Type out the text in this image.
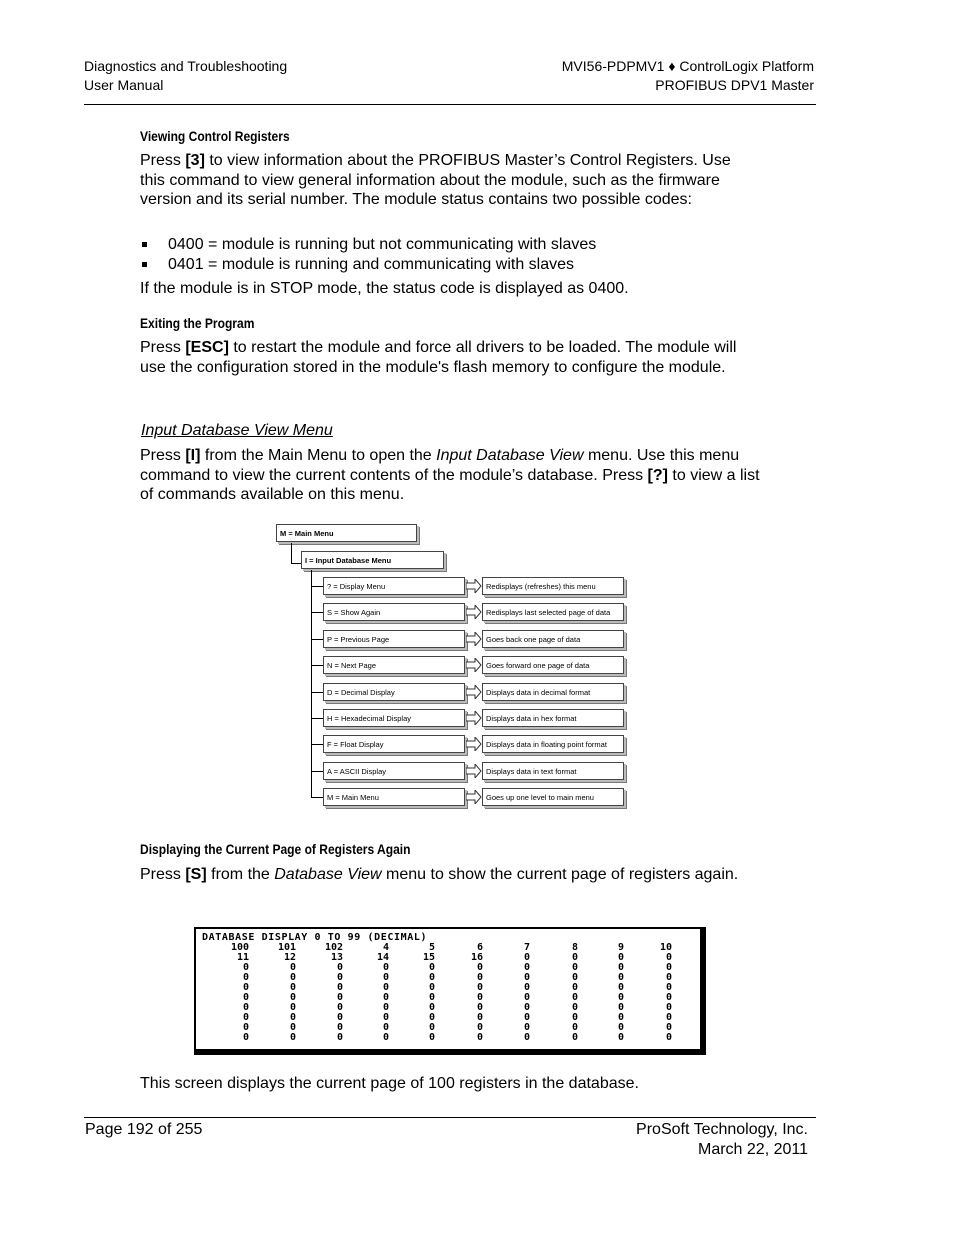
Diagnostics and Troubleshooting
User Manual
MVI56-PDPMV1 ♦ ControlLogix Platform
PROFIBUS DPV1 Master
Viewing Control Registers
Press [3] to view information about the PROFIBUS Master’s Control Registers. Use this command to view general information about the module, such as the firmware version and its serial number. The module status contains two possible codes:
0400 = module is running but not communicating with slaves
0401 = module is running and communicating with slaves
If the module is in STOP mode, the status code is displayed as 0400.
Exiting the Program
Press [ESC] to restart the module and force all drivers to be loaded. The module will use the configuration stored in the module's flash memory to configure the module.
Input Database View Menu
Press [I] from the Main Menu to open the Input Database View menu. Use this menu command to view the current contents of the module’s database. Press [?] to view a list of commands available on this menu.
M = Main Menu
I = Input Database Menu
? = Display Menu	Redisplays (refreshes) this menu
S = Show Again	Redisplays last selected page of data
P = Previous Page	Goes back one page of data
N = Next Page	Goes forward one page of data
D = Decimal Display	Displays data in decimal format
H = Hexadecimal Display	Displays data in hex format
F = Float Display	Displays data in floating point format
A = ASCII Display	Displays data in text format
M = Main Menu	Goes up one level to main menu
Displaying the Current Page of Registers Again
Press [S] from the Database View menu to show the current page of registers again.
DATABASE DISPLAY 0 TO 99 (DECIMAL)
100	101	102	4	5	6	7	8	9	10
11	12	13	14	15	16	0	0	0	0
0	0	0	0	0	0	0	0	0	0
0	0	0	0	0	0	0	0	0	0
0	0	0	0	0	0	0	0	0	0
0	0	0	0	0	0	0	0	0	0
0	0	0	0	0	0	0	0	0	0
0	0	0	0	0	0	0	0	0	0
0	0	0	0	0	0	0	0	0	0
0	0	0	0	0	0	0	0	0	0
This screen displays the current page of 100 registers in the database.
Page 192 of 255	ProSoft Technology, Inc.
March 22, 2011
